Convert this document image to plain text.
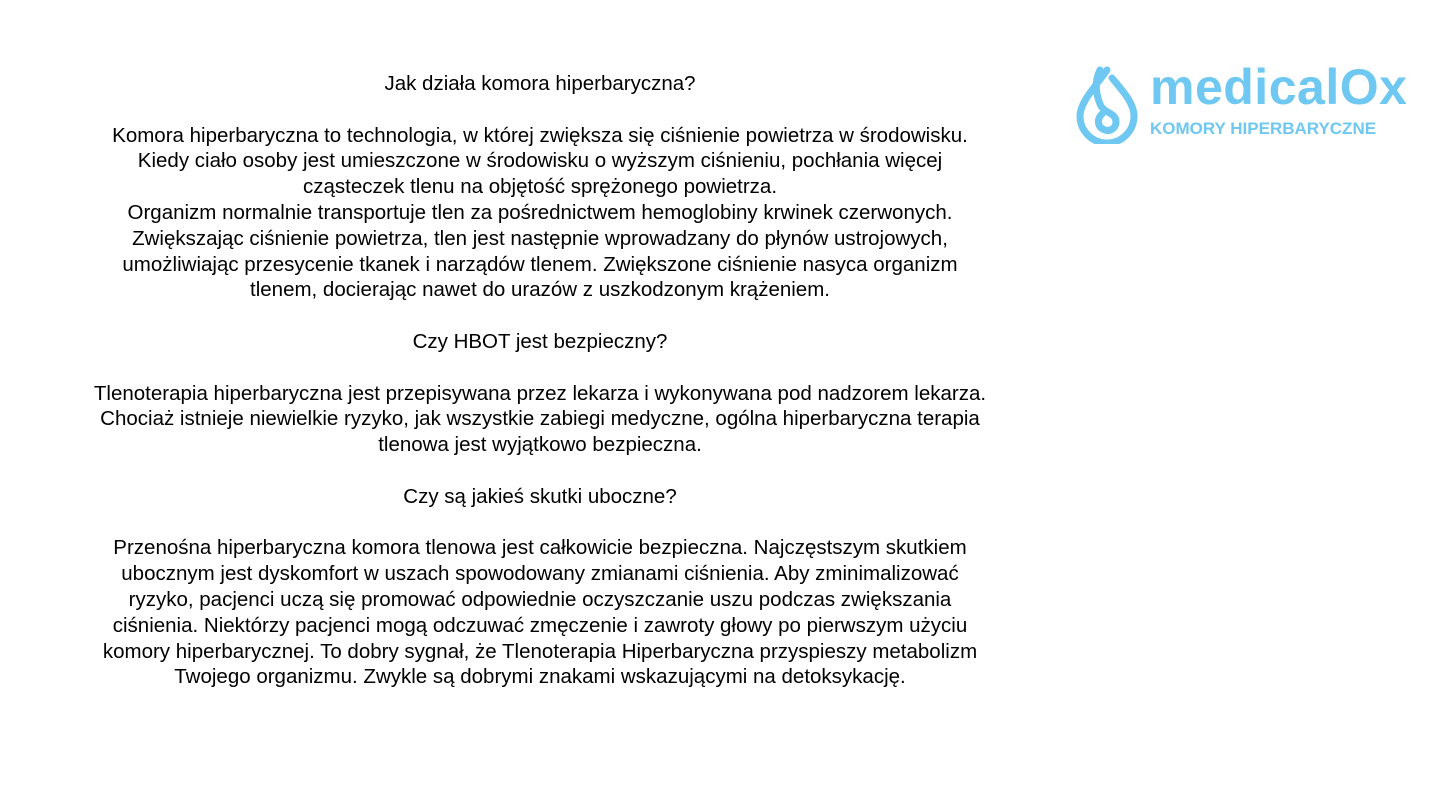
medicalOx
KOMORY HIPERBARYCZNE
Jak działa komora hiperbaryczna?
Komora hiperbaryczna to technologia, w której zwiększa się ciśnienie powietrza w środowisku.
Kiedy ciało osoby jest umieszczone w środowisku o wyższym ciśnieniu, pochłania więcej
cząsteczek tlenu na objętość sprężonego powietrza.
Organizm normalnie transportuje tlen za pośrednictwem hemoglobiny krwinek czerwonych.
Zwiększając ciśnienie powietrza, tlen jest następnie wprowadzany do płynów ustrojowych,
umożliwiając przesycenie tkanek i narządów tlenem. Zwiększone ciśnienie nasyca organizm
tlenem, docierając nawet do urazów z uszkodzonym krążeniem.
Czy HBOT jest bezpieczny?
Tlenoterapia hiperbaryczna jest przepisywana przez lekarza i wykonywana pod nadzorem lekarza.
Chociaż istnieje niewielkie ryzyko, jak wszystkie zabiegi medyczne, ogólna hiperbaryczna terapia
tlenowa jest wyjątkowo bezpieczna.
Czy są jakieś skutki uboczne?
Przenośna hiperbaryczna komora tlenowa jest całkowicie bezpieczna. Najczęstszym skutkiem
ubocznym jest dyskomfort w uszach spowodowany zmianami ciśnienia. Aby zminimalizować
ryzyko, pacjenci uczą się promować odpowiednie oczyszczanie uszu podczas zwiększania
ciśnienia. Niektórzy pacjenci mogą odczuwać zmęczenie i zawroty głowy po pierwszym użyciu
komory hiperbarycznej. To dobry sygnał, że Tlenoterapia Hiperbaryczna przyspieszy metabolizm
Twojego organizmu. Zwykle są dobrymi znakami wskazującymi na detoksykację.
